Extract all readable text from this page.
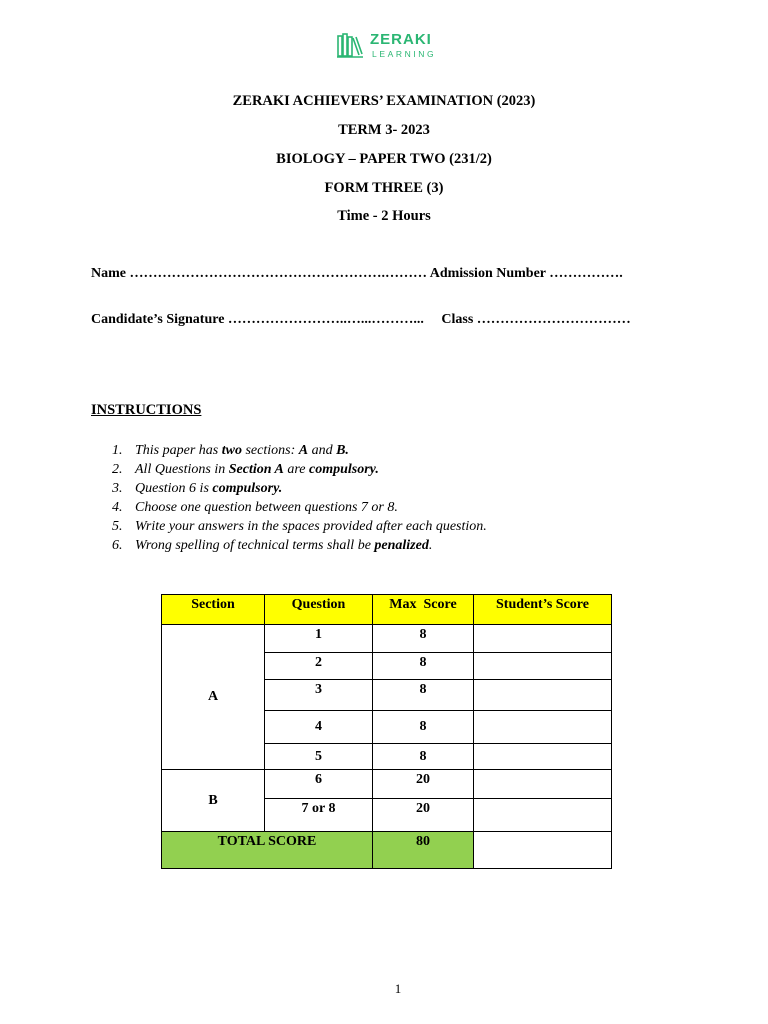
ZERAKI
LEARNING
ZERAKI ACHIEVERS’ EXAMINATION (2023)
TERM 3- 2023
BIOLOGY – PAPER TWO (231/2)
FORM THREE (3)
Time - 2 Hours
Name ……………………………………………….……… Admission Number …………….
Candidate’s Signature ……………………..…...………...     Class ……………………………
INSTRUCTIONS
1. This paper has two sections: A and B.
2. All Questions in Section A are compulsory.
3. Question 6 is compulsory.
4. Choose one question between questions 7 or 8.
5. Write your answers in the spaces provided after each question.
6. Wrong spelling of technical terms shall be penalized.
Section	Question	Max  Score	Student’s Score
A	1	8	
	2	8	
	3	8	
	4	8	
	5	8	
B	6	20	
	7 or 8	20	
TOTAL SCORE		80	
1
